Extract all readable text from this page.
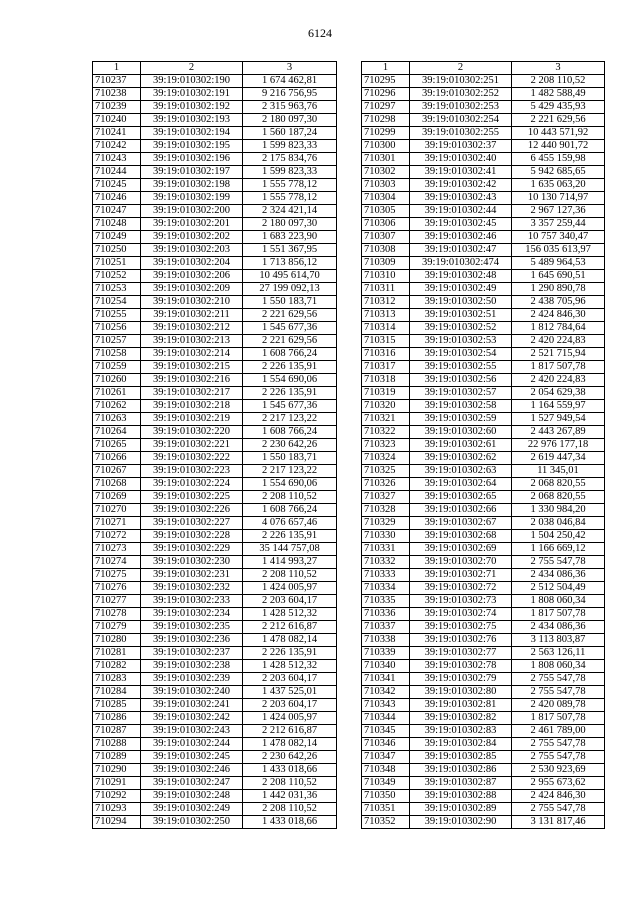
6124
1	2	3
710237	39:19:010302:190	1 674 462,81
710238	39:19:010302:191	9 216 756,95
710239	39:19:010302:192	2 315 963,76
710240	39:19:010302:193	2 180 097,30
710241	39:19:010302:194	1 560 187,24
710242	39:19:010302:195	1 599 823,33
710243	39:19:010302:196	2 175 834,76
710244	39:19:010302:197	1 599 823,33
710245	39:19:010302:198	1 555 778,12
710246	39:19:010302:199	1 555 778,12
710247	39:19:010302:200	2 324 421,14
710248	39:19:010302:201	2 180 097,30
710249	39:19:010302:202	1 683 223,90
710250	39:19:010302:203	1 551 367,95
710251	39:19:010302:204	1 713 856,12
710252	39:19:010302:206	10 495 614,70
710253	39:19:010302:209	27 199 092,13
710254	39:19:010302:210	1 550 183,71
710255	39:19:010302:211	2 221 629,56
710256	39:19:010302:212	1 545 677,36
710257	39:19:010302:213	2 221 629,56
710258	39:19:010302:214	1 608 766,24
710259	39:19:010302:215	2 226 135,91
710260	39:19:010302:216	1 554 690,06
710261	39:19:010302:217	2 226 135,91
710262	39:19:010302:218	1 545 677,36
710263	39:19:010302:219	2 217 123,22
710264	39:19:010302:220	1 608 766,24
710265	39:19:010302:221	2 230 642,26
710266	39:19:010302:222	1 550 183,71
710267	39:19:010302:223	2 217 123,22
710268	39:19:010302:224	1 554 690,06
710269	39:19:010302:225	2 208 110,52
710270	39:19:010302:226	1 608 766,24
710271	39:19:010302:227	4 076 657,46
710272	39:19:010302:228	2 226 135,91
710273	39:19:010302:229	35 144 757,08
710274	39:19:010302:230	1 414 993,27
710275	39:19:010302:231	2 208 110,52
710276	39:19:010302:232	1 424 005,97
710277	39:19:010302:233	2 203 604,17
710278	39:19:010302:234	1 428 512,32
710279	39:19:010302:235	2 212 616,87
710280	39:19:010302:236	1 478 082,14
710281	39:19:010302:237	2 226 135,91
710282	39:19:010302:238	1 428 512,32
710283	39:19:010302:239	2 203 604,17
710284	39:19:010302:240	1 437 525,01
710285	39:19:010302:241	2 203 604,17
710286	39:19:010302:242	1 424 005,97
710287	39:19:010302:243	2 212 616,87
710288	39:19:010302:244	1 478 082,14
710289	39:19:010302:245	2 230 642,26
710290	39:19:010302:246	1 433 018,66
710291	39:19:010302:247	2 208 110,52
710292	39:19:010302:248	1 442 031,36
710293	39:19:010302:249	2 208 110,52
710294	39:19:010302:250	1 433 018,66
1	2	3
710295	39:19:010302:251	2 208 110,52
710296	39:19:010302:252	1 482 588,49
710297	39:19:010302:253	5 429 435,93
710298	39:19:010302:254	2 221 629,56
710299	39:19:010302:255	10 443 571,92
710300	39:19:010302:37	12 440 901,72
710301	39:19:010302:40	6 455 159,98
710302	39:19:010302:41	5 942 685,65
710303	39:19:010302:42	1 635 063,20
710304	39:19:010302:43	10 130 714,97
710305	39:19:010302:44	2 967 127,36
710306	39:19:010302:45	3 357 259,44
710307	39:19:010302:46	10 757 340,47
710308	39:19:010302:47	156 035 613,97
710309	39:19:010302:474	5 489 964,53
710310	39:19:010302:48	1 645 690,51
710311	39:19:010302:49	1 290 890,78
710312	39:19:010302:50	2 438 705,96
710313	39:19:010302:51	2 424 846,30
710314	39:19:010302:52	1 812 784,64
710315	39:19:010302:53	2 420 224,83
710316	39:19:010302:54	2 521 715,94
710317	39:19:010302:55	1 817 507,78
710318	39:19:010302:56	2 420 224,83
710319	39:19:010302:57	2 054 629,38
710320	39:19:010302:58	1 164 559,97
710321	39:19:010302:59	1 527 949,54
710322	39:19:010302:60	2 443 267,89
710323	39:19:010302:61	22 976 177,18
710324	39:19:010302:62	2 619 447,34
710325	39:19:010302:63	11 345,01
710326	39:19:010302:64	2 068 820,55
710327	39:19:010302:65	2 068 820,55
710328	39:19:010302:66	1 330 984,20
710329	39:19:010302:67	2 038 046,84
710330	39:19:010302:68	1 504 250,42
710331	39:19:010302:69	1 166 669,12
710332	39:19:010302:70	2 755 547,78
710333	39:19:010302:71	2 434 086,36
710334	39:19:010302:72	2 512 504,49
710335	39:19:010302:73	1 808 060,34
710336	39:19:010302:74	1 817 507,78
710337	39:19:010302:75	2 434 086,36
710338	39:19:010302:76	3 113 803,87
710339	39:19:010302:77	2 563 126,11
710340	39:19:010302:78	1 808 060,34
710341	39:19:010302:79	2 755 547,78
710342	39:19:010302:80	2 755 547,78
710343	39:19:010302:81	2 420 089,78
710344	39:19:010302:82	1 817 507,78
710345	39:19:010302:83	2 461 789,00
710346	39:19:010302:84	2 755 547,78
710347	39:19:010302:85	2 755 547,78
710348	39:19:010302:86	2 530 923,69
710349	39:19:010302:87	2 955 673,62
710350	39:19:010302:88	2 424 846,30
710351	39:19:010302:89	2 755 547,78
710352	39:19:010302:90	3 131 817,46
